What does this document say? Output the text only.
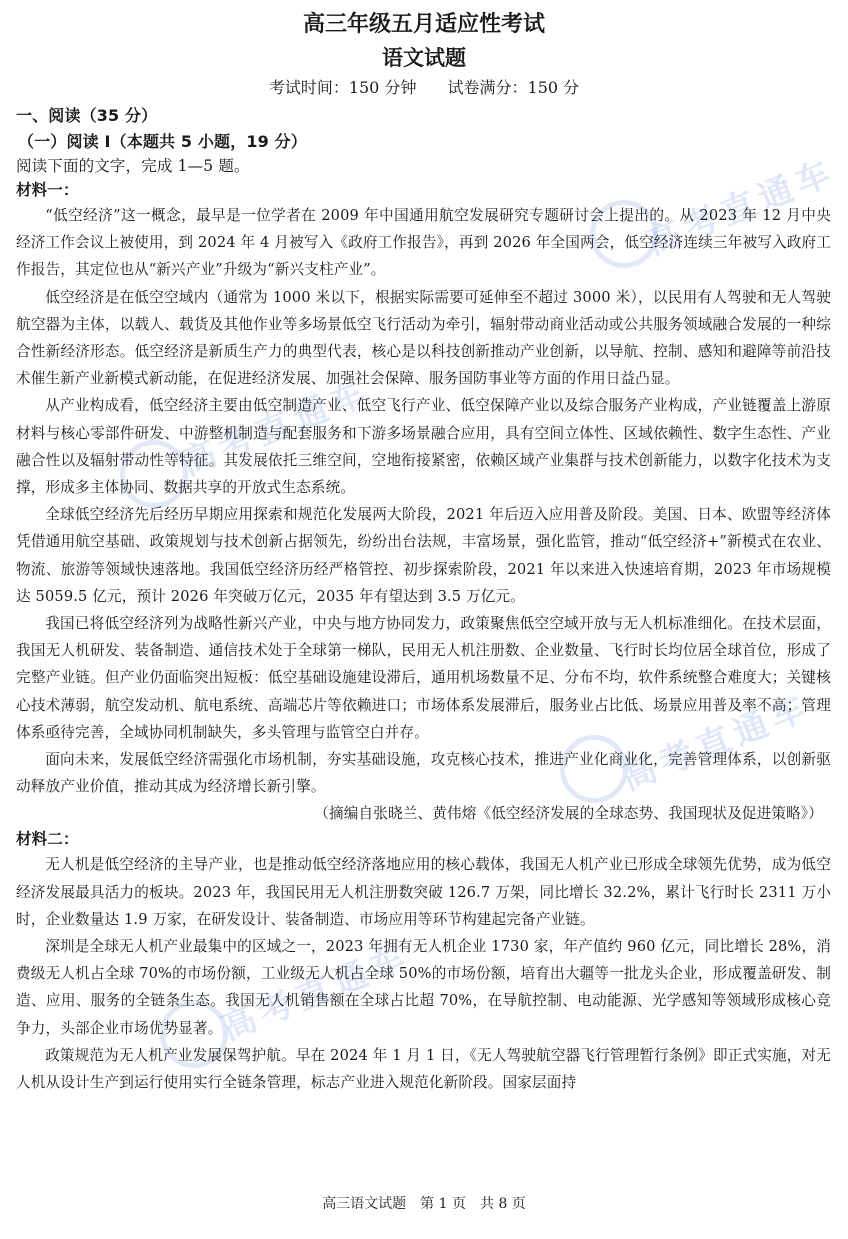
高考直通车
高考直通车
高考直通车
高考直通车
高三年级五月适应性考试
语文试题
考试时间：150 分钟 试卷满分：150 分
一、阅读（35 分）
（一）阅读 I（本题共 5 小题，19 分）
阅读下面的文字，完成 1—5 题。
材料一：

“低空经济”这一概念，最早是一位学者在 2009 年中国通用航空发展研究专题研讨会上提出的。从 2023 年 12 月中央经济工作会议上被使用，到 2024 年 4 月被写入《政府工作报告》，再到 2026 年全国两会，低空经济连续三年被写入政府工作报告，其定位也从“新兴产业”升级为“新兴支柱产业”。

低空经济是在低空空域内（通常为 1000 米以下，根据实际需要可延伸至不超过 3000 米），以民用有人驾驶和无人驾驶航空器为主体，以载人、载货及其他作业等多场景低空飞行活动为牵引，辐射带动商业活动或公共服务领域融合发展的一种综合性新经济形态。低空经济是新质生产力的典型代表，核心是以科技创新推动产业创新，以导航、控制、感知和避障等前沿技术催生新产业新模式新动能，在促进经济发展、加强社会保障、服务国防事业等方面的作用日益凸显。

从产业构成看，低空经济主要由低空制造产业、低空飞行产业、低空保障产业以及综合服务产业构成，产业链覆盖上游原材料与核心零部件研发、中游整机制造与配套服务和下游多场景融合应用，具有空间立体性、区域依赖性、数字生态性、产业融合性以及辐射带动性等特征。其发展依托三维空间，空地衔接紧密，依赖区域产业集群与技术创新能力，以数字化技术为支撑，形成多主体协同、数据共享的开放式生态系统。

全球低空经济先后经历早期应用探索和规范化发展两大阶段，2021 年后迈入应用普及阶段。美国、日本、欧盟等经济体凭借通用航空基础、政策规划与技术创新占据领先，纷纷出台法规，丰富场景，强化监管，推动“低空经济+”新模式在农业、物流、旅游等领域快速落地。我国低空经济历经严格管控、初步探索阶段，2021 年以来进入快速培育期，2023 年市场规模达 5059.5 亿元，预计 2026 年突破万亿元，2035 年有望达到 3.5 万亿元。

我国已将低空经济列为战略性新兴产业，中央与地方协同发力，政策聚焦低空空域开放与无人机标准细化。在技术层面，我国无人机研发、装备制造、通信技术处于全球第一梯队，民用无人机注册数、企业数量、飞行时长均位居全球首位，形成了完整产业链。但产业仍面临突出短板：低空基础设施建设滞后，通用机场数量不足、分布不均，软件系统整合难度大；关键核心技术薄弱，航空发动机、航电系统、高端芯片等依赖进口；市场体系发展滞后，服务业占比低、场景应用普及率不高；管理体系亟待完善，全域协同机制缺失，多头管理与监管空白并存。

面向未来，发展低空经济需强化市场机制，夯实基础设施，攻克核心技术，推进产业化商业化，完善管理体系，以创新驱动释放产业价值，推动其成为经济增长新引擎。

（摘编自张晓兰、黄伟熔《低空经济发展的全球态势、我国现状及促进策略》）
材料二：

无人机是低空经济的主导产业，也是推动低空经济落地应用的核心载体，我国无人机产业已形成全球领先优势，成为低空经济发展最具活力的板块。2023 年，我国民用无人机注册数突破 126.7 万架，同比增长 32.2%，累计飞行时长 2311 万小时，企业数量达 1.9 万家，在研发设计、装备制造、市场应用等环节构建起完备产业链。

深圳是全球无人机产业最集中的区域之一，2023 年拥有无人机企业 1730 家，年产值约 960 亿元，同比增长 28%，消费级无人机占全球 70%的市场份额，工业级无人机占全球 50%的市场份额，培育出大疆等一批龙头企业，形成覆盖研发、制造、应用、服务的全链条生态。我国无人机销售额在全球占比超 70%，在导航控制、电动能源、光学感知等领域形成核心竞争力，头部企业市场优势显著。

政策规范为无人机产业发展保驾护航。早在 2024 年 1 月 1 日，《无人驾驶航空器飞行管理暂行条例》即正式实施，对无人机从设计生产到运行使用实行全链条管理，标志产业进入规范化新阶段。国家层面持

高三语文试题　第 1 页　共 8 页
